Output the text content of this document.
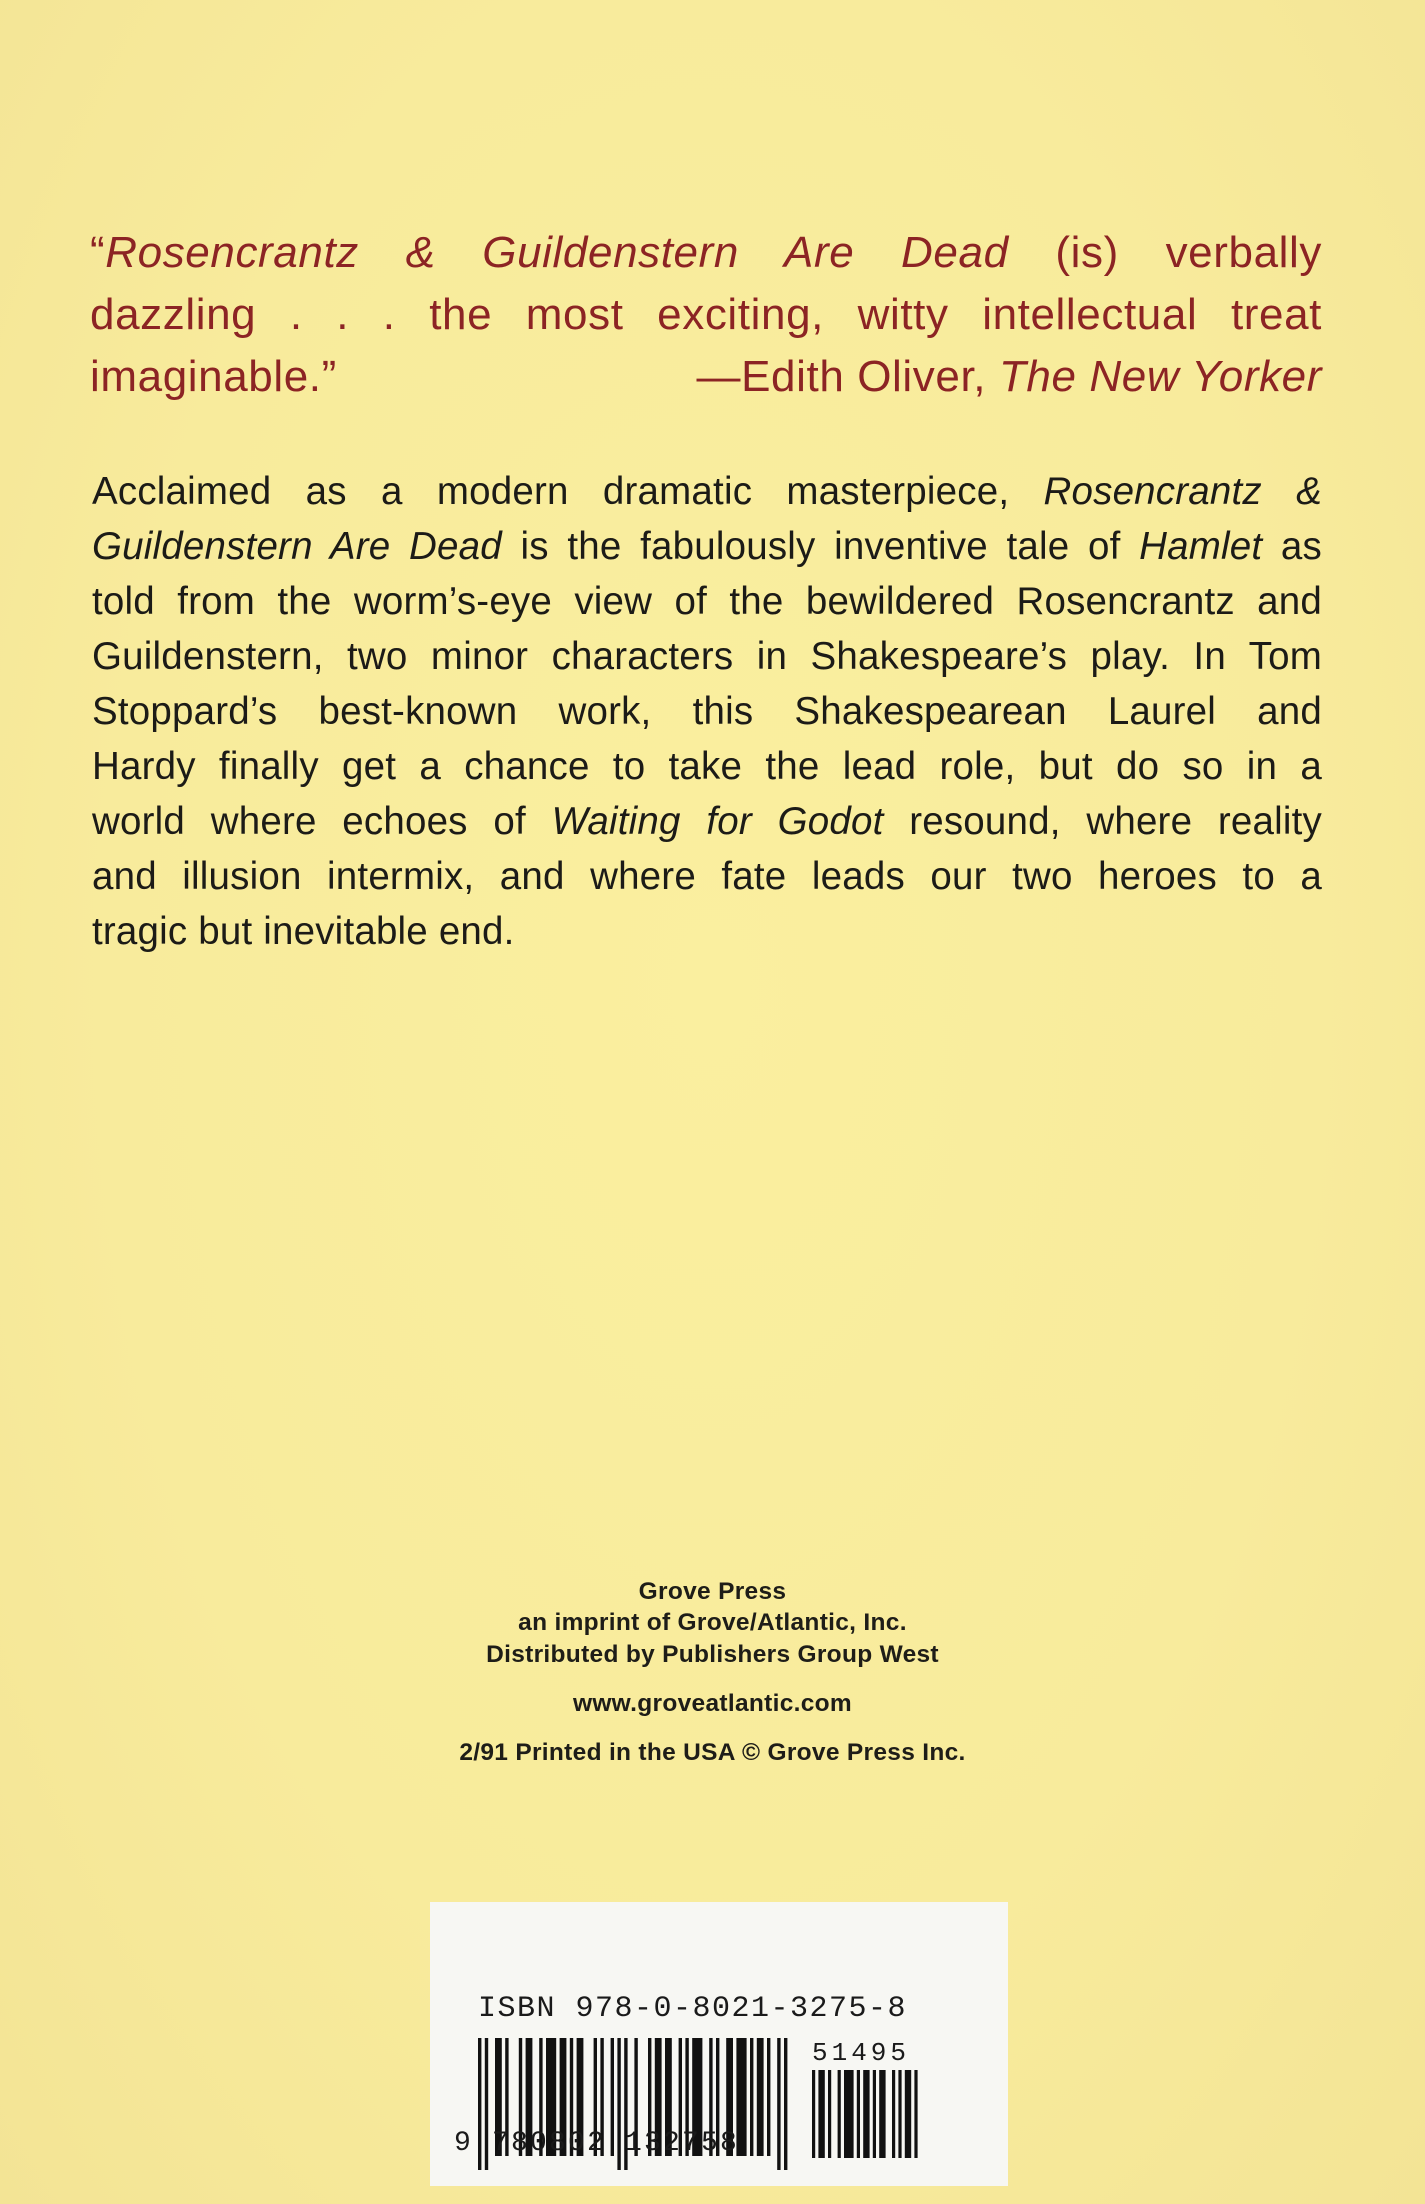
“Rosencrantz & Guildenstern Are Dead (is) verbally
dazzling . . . the most exciting, witty intellectual treat
imaginable.”	—Edith Oliver, The New Yorker
Acclaimed as a modern dramatic masterpiece, Rosencrantz &
Guildenstern Are Dead is the fabulously inventive tale of Hamlet as
told from the worm’s-eye view of the bewildered Rosencrantz and
Guildenstern, two minor characters in Shakespeare’s play. In Tom
Stoppard’s best-known work, this Shakespearean Laurel and
Hardy finally get a chance to take the lead role, but do so in a
world where echoes of Waiting for Godot resound, where reality
and illusion intermix, and where fate leads our two heroes to a
tragic but inevitable end.
Grove Press
an imprint of Grove/Atlantic, Inc.
Distributed by Publishers Group West
www.groveatlantic.com
2/91 Printed in the USA © Grove Press Inc.
ISBN 978-0-8021-3275-8
51495
9 780802 132758
